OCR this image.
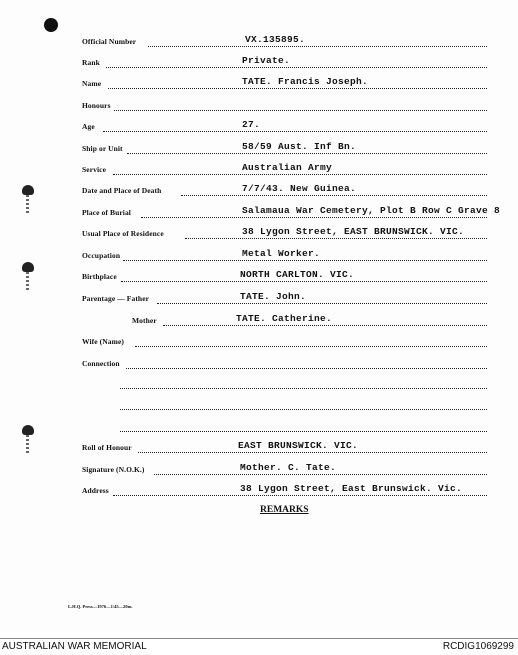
Official Number	VX.135895.
Rank	Private.
Name	TATE. Francis Joseph.
Honours
Age	27.
Ship or Unit	58/59 Aust. Inf Bn.
Service	Australian Army
Date and Place of Death	7/7/43. New Guinea.
Place of Burial	Salamaua War Cemetery, Plot B Row C Grave 8
Usual Place of Residence	38 Lygon Street, EAST BRUNSWICK. VIC.
Occupation	Metal Worker.
Birthplace	NORTH CARLTON. VIC.
Parentage — Father	TATE. John.
Mother	TATE. Catherine.
Wife (Name)
Connection
Roll of Honour	EAST BRUNSWICK. VIC.
Signature (N.O.K.)	Mother. C. Tate.
Address	38 Lygon Street, East Brunswick. Vic.
REMARKS
L.H.Q. Press—1976—1/45—20m.
AUSTRALIAN WAR MEMORIAL	RCDIG1069299
